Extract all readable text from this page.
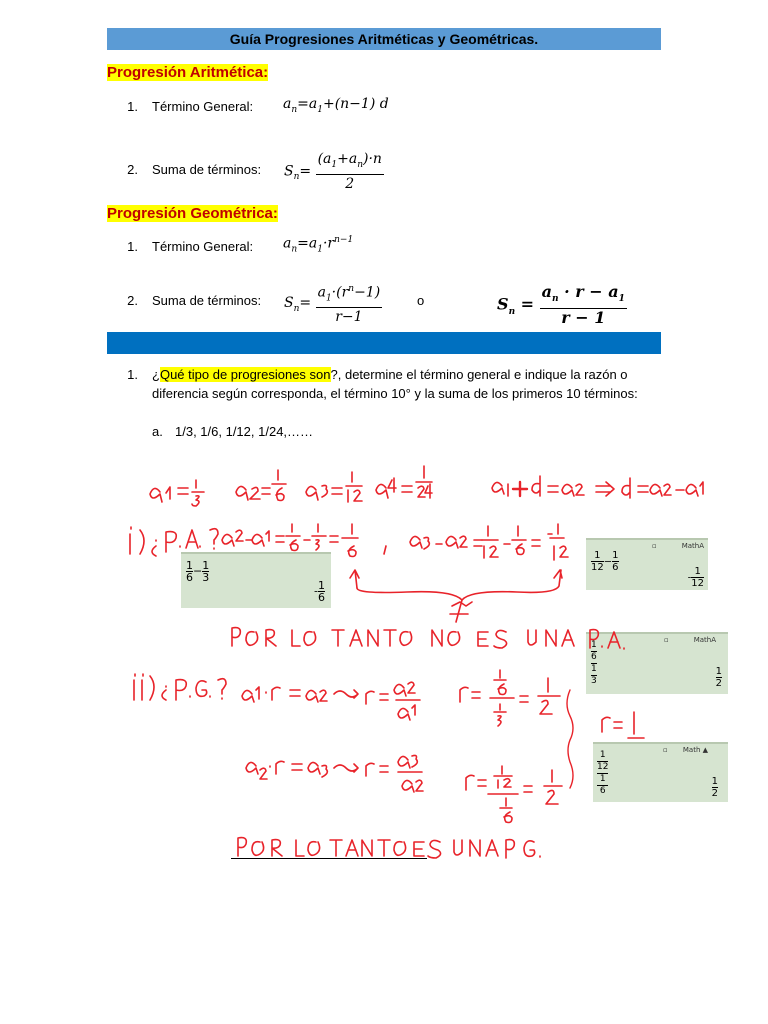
Guía Progresiones Aritméticas y Geométricas.
Progresión Aritmética:
1. Término General: $a_n=a_1+(n-1)$ d
2. Suma de términos: $S_n= \frac{(a_1+a_n)\cdot n}{2}$
Progresión Geométrica:
1. Término General: $a_n=a_1\cdot r^{n-1}$
2. Suma de términos: $S_n= \frac{a_1\cdot(r^n-1)}{r-1}$	o	$S_n = \frac{a_n \cdot r - a_1}{r - 1}$
1. ¿Qué tipo de progresiones son?, determine el término general e indique la razón o
diferencia según corresponda, el término 10° y la suma de los primeros 10 términos:
a. 1/3, 1/6, 1/12, 1/24,……
$\frac{1}{6} - \frac{1}{3}$
- $\frac{1}{6}$
▫	MathA
$\frac{1}{12} - \frac{1}{6}$
- $\frac{1}{12}$
▫	MathA
1
6
1
3	$\frac{1}{2}$
▫ Math ▲
1
12
1
6	$\frac{1}{2}$
